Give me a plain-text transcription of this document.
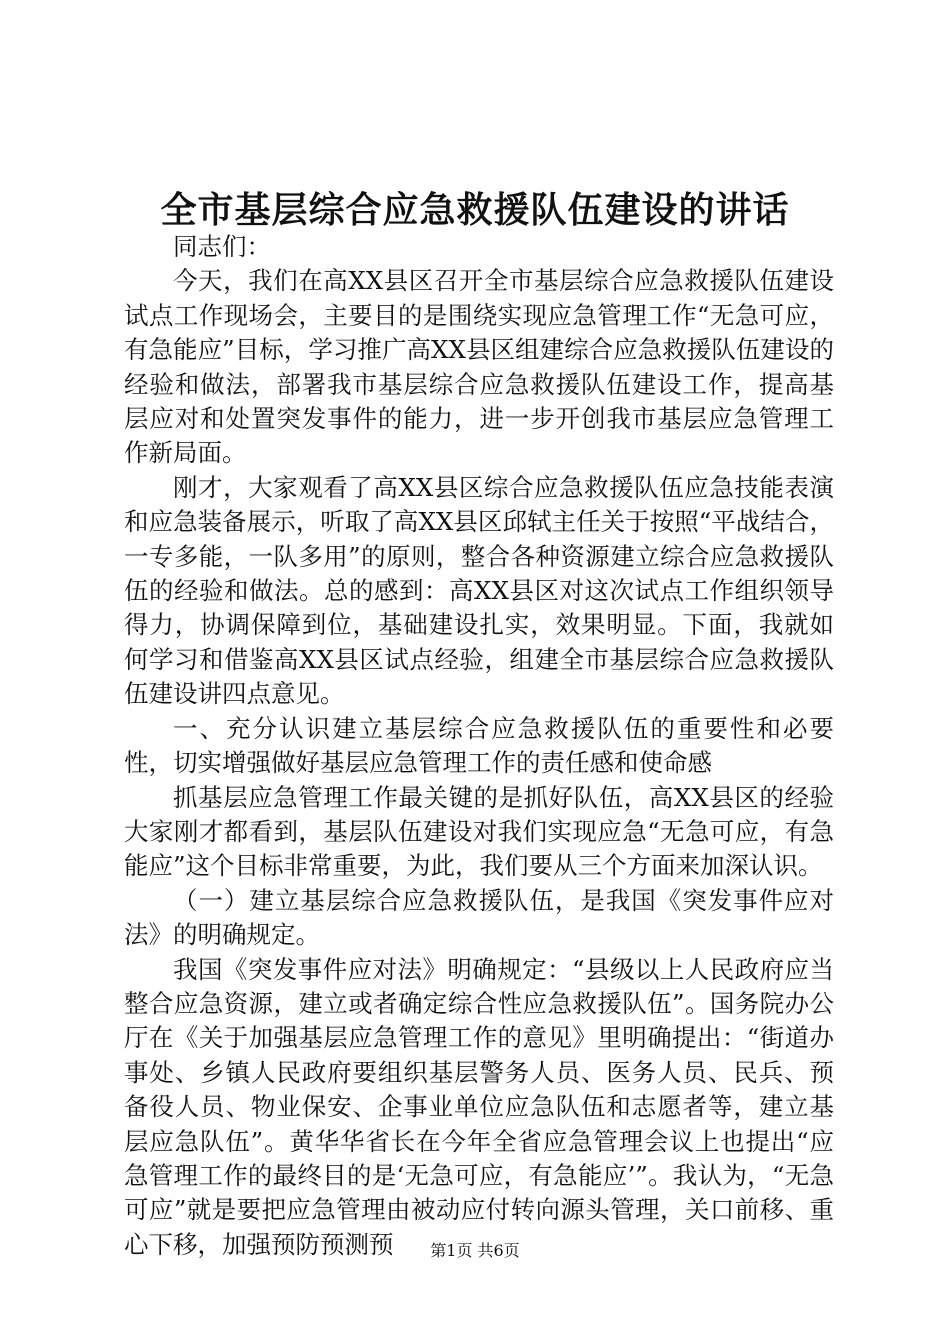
全市基层综合应急救援队伍建设的讲话

同志们：

今天，我们在高XX县区召开全市基层综合应急救援队伍建设试点工作现场会，主要目的是围绕实现应急管理工作“无急可应，有急能应”目标，学习推广高XX县区组建综合应急救援队伍建设的经验和做法，部署我市基层综合应急救援队伍建设工作，提高基层应对和处置突发事件的能力，进一步开创我市基层应急管理工作新局面。

刚才，大家观看了高XX县区综合应急救援队伍应急技能表演和应急装备展示，听取了高XX县区邱轼主任关于按照“平战结合，一专多能，一队多用”的原则，整合各种资源建立综合应急救援队伍的经验和做法。总的感到：高XX县区对这次试点工作组织领导得力，协调保障到位，基础建设扎实，效果明显。下面，我就如何学习和借鉴高XX县区试点经验，组建全市基层综合应急救援队伍建设讲四点意见。

一、充分认识建立基层综合应急救援队伍的重要性和必要性，切实增强做好基层应急管理工作的责任感和使命感

抓基层应急管理工作最关键的是抓好队伍，高XX县区的经验大家刚才都看到，基层队伍建设对我们实现应急“无急可应，有急能应”这个目标非常重要，为此，我们要从三个方面来加深认识。

（一）建立基层综合应急救援队伍，是我国《突发事件应对法》的明确规定。

我国《突发事件应对法》明确规定：“县级以上人民政府应当整合应急资源，建立或者确定综合性应急救援队伍”。国务院办公厅在《关于加强基层应急管理工作的意见》里明确提出：“街道办事处、乡镇人民政府要组织基层警务人员、医务人员、民兵、预备役人员、物业保安、企事业单位应急队伍和志愿者等，建立基层应急队伍”。黄华华省长在今年全省应急管理会议上也提出“应急管理工作的最终目的是‘无急可应，有急能应’”。我认为，“无急可应”就是要把应急管理由被动应付转向源头管理，关口前移、重心下移，加强预防预测预	第1页 共6页
